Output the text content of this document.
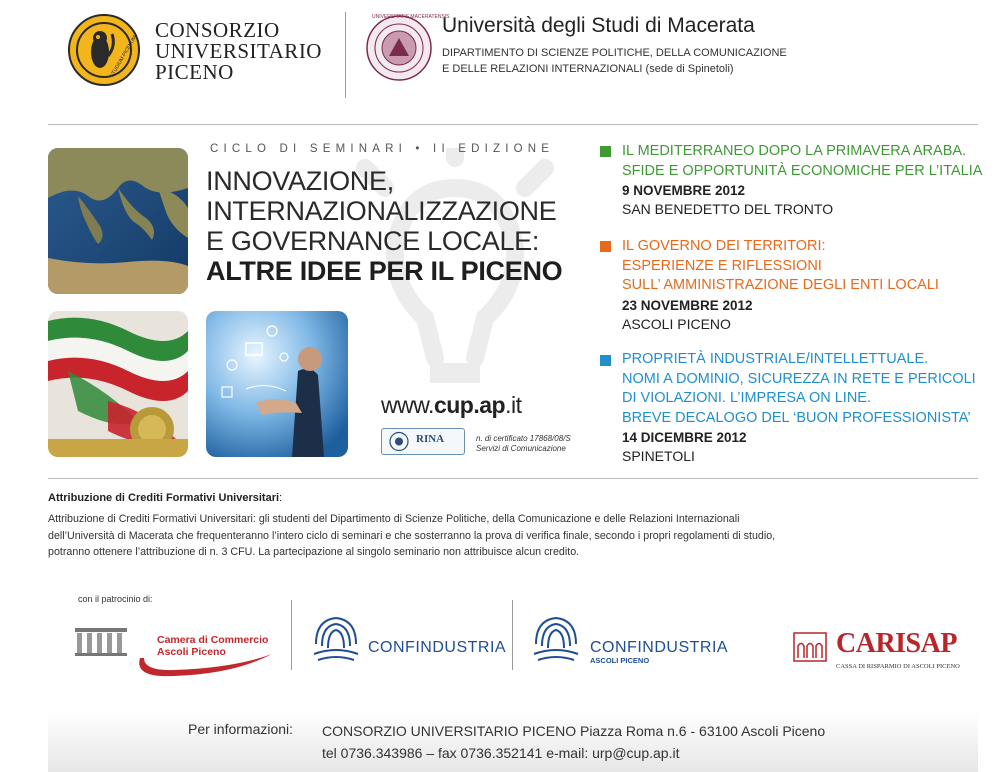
STUDIUM PICENUM
CONSORZIO
UNIVERSITARIO
PICENO
UNIVERSITATIS MACERATENSIS
Università degli Studi di Macerata
DIPARTIMENTO DI SCIENZE POLITICHE, DELLA COMUNICAZIONE
E DELLE RELAZIONI INTERNAZIONALI (sede di Spinetoli)
CICLO DI SEMINARI • II EDIZIONE
INNOVAZIONE,
INTERNAZIONALIZZAZIONE
E GOVERNANCE LOCALE:
ALTRE IDEE PER IL PICENO
www.cup.ap.it
RINA	n. di certificato 17868/08/S
Servizi di Comunicazione
IL MEDITERRANEO DOPO LA PRIMAVERA ARABA.
SFIDE E OPPORTUNITÀ ECONOMICHE PER L’ITALIA
9 NOVEMBRE 2012
SAN BENEDETTO DEL TRONTO
IL GOVERNO DEI TERRITORI:
ESPERIENZE E RIFLESSIONI
SULL’ AMMINISTRAZIONE DEGLI ENTI LOCALI
23 NOVEMBRE 2012
ASCOLI PICENO
PROPRIETÀ INDUSTRIALE/INTELLETTUALE.
NOMI A DOMINIO, SICUREZZA IN RETE E PERICOLI
DI VIOLAZIONI. L’IMPRESA ON LINE.
BREVE DECALOGO DEL ‘BUON PROFESSIONISTA’
14 DICEMBRE 2012
SPINETOLI
Attribuzione di Crediti Formativi Universitari:
Attribuzione di Crediti Formativi Universitari: gli studenti del Dipartimento di Scienze Politiche, della Comunicazione e delle Relazioni Internazionali
dell’Università di Macerata che frequenteranno l’intero ciclo di seminari e che sosterranno la prova di verifica finale, secondo i propri regolamenti di studio,
potranno ottenere l’attribuzione di n. 3 CFU. La partecipazione al singolo seminario non attribuisce alcun credito.
con il patrocinio di:
Camera di Commercio
Ascoli Piceno	CONFINDUSTRIA	CONFINDUSTRIA
ASCOLI PICENO
CARISAP
CASSA DI RISPARMIO DI ASCOLI PICENO
Per informazioni: CONSORZIO UNIVERSITARIO PICENO Piazza Roma n.6 - 63100 Ascoli Piceno
tel 0736.343986 – fax 0736.352141 e-mail: urp@cup.ap.it
